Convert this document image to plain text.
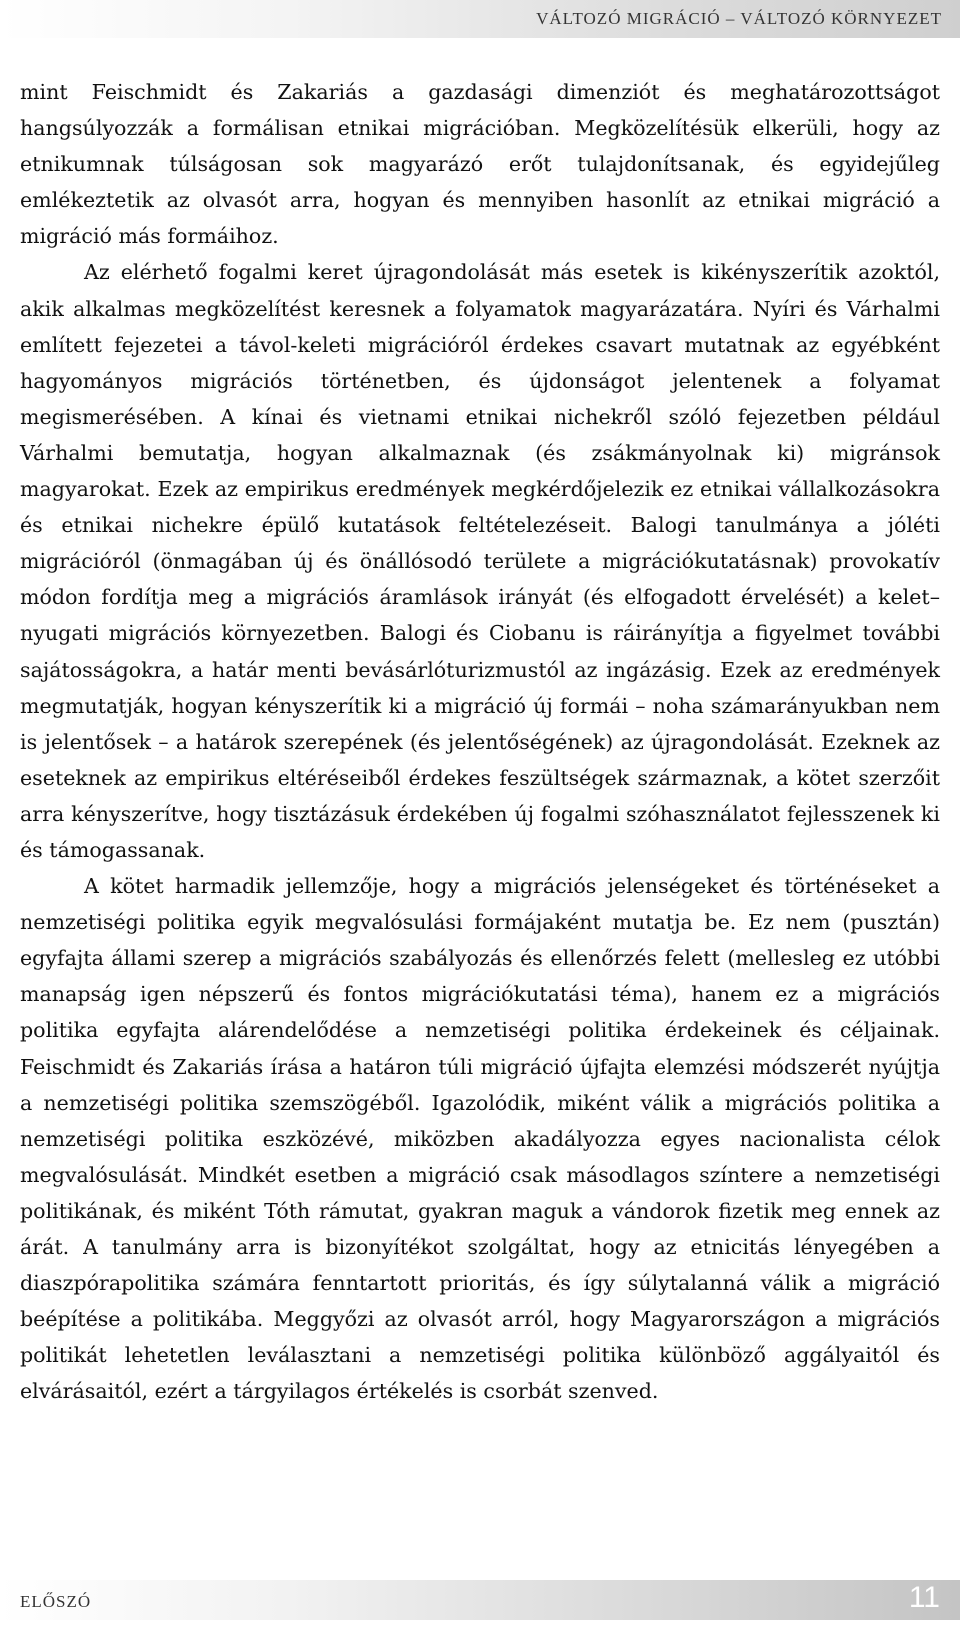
VÁLTOZÓ MIGRÁCIÓ – VÁLTOZÓ KÖRNYEZET

mint Feischmidt és Zakariás a gazdasági dimenziót és meghatározottságot hangsúlyozzák a formálisan etnikai migrációban. Megközelítésük elkerüli, hogy az etnikumnak túlságosan sok magyarázó erőt tulajdonítsanak, és egyidejűleg emlékeztetik az olvasót arra, hogyan és mennyiben hasonlít az etnikai migráció a migráció más formáihoz.

Az elérhető fogalmi keret újragondolását más esetek is kikényszerítik azoktól, akik alkalmas megközelítést keresnek a folyamatok magyarázatára. Nyíri és Várhalmi említett fejezetei a távol-keleti migrációról érdekes csavart mutatnak az egyébként hagyományos migrációs történetben, és újdonságot jelentenek a folyamat megismerésében. A kínai és vietnami etnikai nichekről szóló fejezetben például Várhalmi bemutatja, hogyan alkalmaznak (és zsákmányolnak ki) migránsok magyarokat. Ezek az empirikus eredmények megkérdőjelezik ez etnikai vállalkozásokra és etnikai nichekre épülő kutatások feltételezéseit. Balogi tanulmánya a jóléti migrációról (önmagában új és önállósodó területe a migrációkutatásnak) provokatív módon fordítja meg a migrációs áramlások irányát (és elfogadott érvelését) a kelet–nyugati migrációs környezetben. Balogi és Ciobanu is ráirányítja a figyelmet további sajátosságokra, a határ menti bevásárlóturizmustól az ingázásig. Ezek az eredmények megmutatják, hogyan kényszerítik ki a migráció új formái – noha számarányukban nem is jelentősek – a határok szerepének (és jelentőségének) az újragondolását. Ezeknek az eseteknek az empirikus eltéréseiből érdekes feszültségek származnak, a kötet szerzőit arra kényszerítve, hogy tisztázásuk érdekében új fogalmi szóhasználatot fejlesszenek ki és támogassanak.

A kötet harmadik jellemzője, hogy a migrációs jelenségeket és történéseket a nemzetiségi politika egyik megvalósulási formájaként mutatja be. Ez nem (pusztán) egyfajta állami szerep a migrációs szabályozás és ellenőrzés felett (mellesleg ez utóbbi manapság igen népszerű és fontos migrációkutatási téma), hanem ez a migrációs politika egyfajta alárendelődése a nemzetiségi politika érdekeinek és céljainak. Feischmidt és Zakariás írása a határon túli migráció újfajta elemzési módszerét nyújtja a nemzetiségi politika szemszögéből. Igazolódik, miként válik a migrációs politika a nemzetiségi politika eszközévé, miközben akadályozza egyes nacionalista célok megvalósulását. Mindkét esetben a migráció csak másodlagos színtere a nemzetiségi politikának, és miként Tóth rámutat, gyakran maguk a vándorok fizetik meg ennek az árát. A tanulmány arra is bizonyítékot szolgáltat, hogy az etnicitás lényegében a diaszpórapolitika számára fenntartott prioritás, és így súlytalanná válik a migráció beépítése a politikába. Meggyőzi az olvasót arról, hogy Magyarországon a migrációs politikát lehetetlen leválasztani a nemzetiségi politika különböző aggályaitól és elvárásaitól, ezért a tárgyilagos értékelés is csorbát szenved.

ELŐSZÓ	11
